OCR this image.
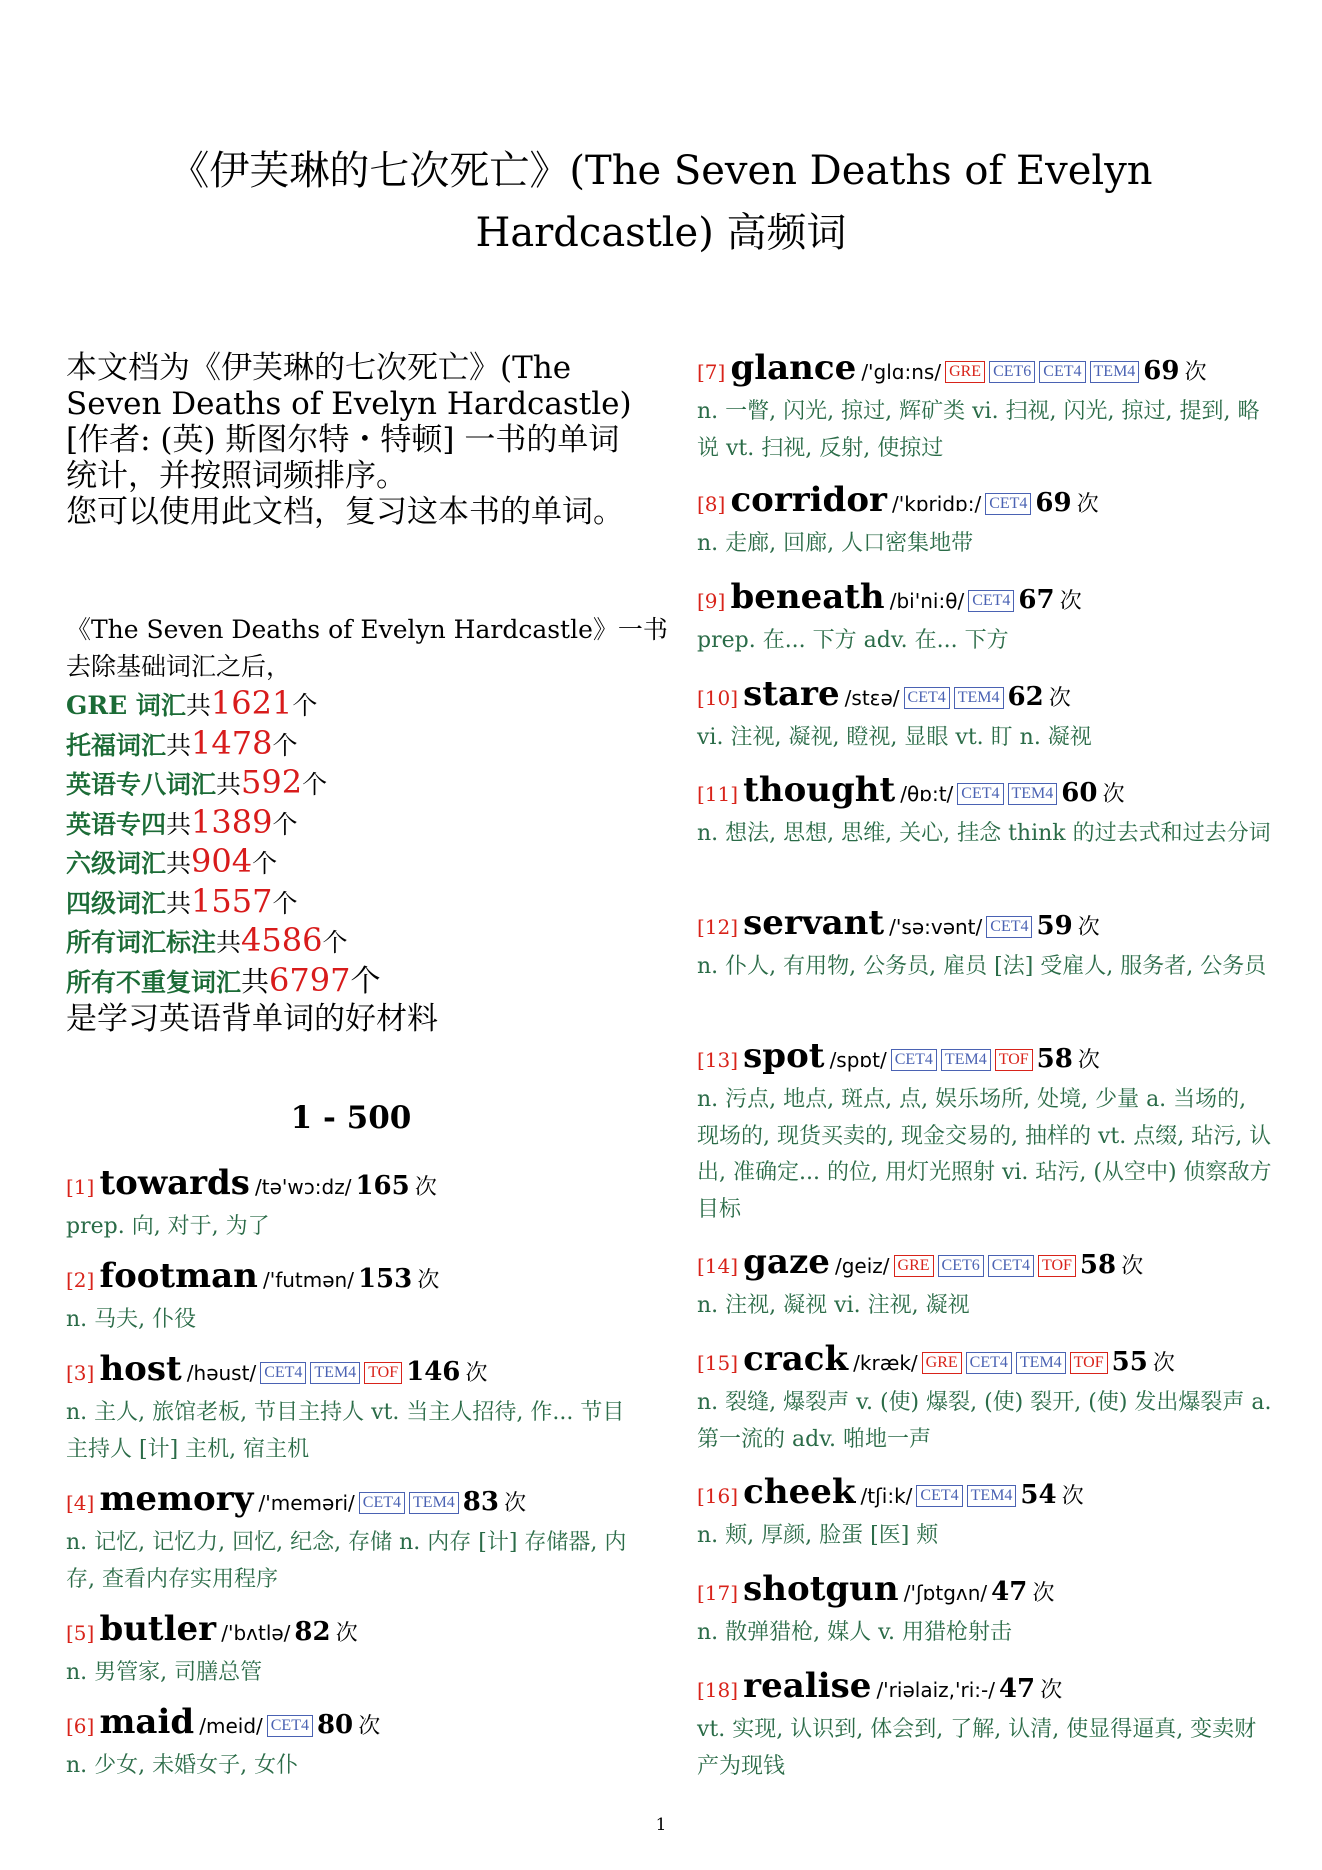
《伊芙琳的七次死亡》(The Seven Deaths of Evelyn Hardcastle) 高频词

本文档为《伊芙琳的七次死亡》(The Seven Deaths of Evelyn Hardcastle)[作者: (英) 斯图尔特・特顿] 一书的单词统计，并按照词频排序。

您可以使用此文档，复习这本书的单词。

《The Seven Deaths of Evelyn Hardcastle》一书
去除基础词汇之后，
GRE 词汇共1621个
托福词汇共1478个
英语专八词汇共592个
英语专四共1389个
六级词汇共904个
四级词汇共1557个
所有词汇标注共4586个
所有不重复词汇共6797个
是学习英语背单词的好材料
1 - 500
[1] towards /tə'wɔ:dz/ 165 次
prep. 向, 对于, 为了
[2] footman /'futmən/ 153 次
n. 马夫, 仆役
[3] host /həust/ CET4 TEM4 TOF 146 次
n. 主人, 旅馆老板, 节目主持人 vt. 当主人招待, 作... 节目主持人 [计] 主机, 宿主机
[4] memory /'meməri/ CET4 TEM4 83 次
n. 记忆, 记忆力, 回忆, 纪念, 存储 n. 内存 [计] 存储器, 内存, 查看内存实用程序
[5] butler /'bʌtlə/ 82 次
n. 男管家, 司膳总管
[6] maid /meid/ CET4 80 次
n. 少女, 未婚女子, 女仆
[7] glance /'glɑ:ns/ GRE CET6 CET4 TEM4 69 次
n. 一瞥, 闪光, 掠过, 辉矿类 vi. 扫视, 闪光, 掠过, 提到, 略说 vt. 扫视, 反射, 使掠过
[8] corridor /'kɒridɒ:/ CET4 69 次
n. 走廊, 回廊, 人口密集地带
[9] beneath /bi'ni:θ/ CET4 67 次
prep. 在... 下方 adv. 在... 下方
[10] stare /stεə/ CET4 TEM4 62 次
vi. 注视, 凝视, 瞪视, 显眼 vt. 盯 n. 凝视
[11] thought /θɒ:t/ CET4 TEM4 60 次
n. 想法, 思想, 思维, 关心, 挂念 think 的过去式和过去分词
[12] servant /'sə:vənt/ CET4 59 次
n. 仆人, 有用物, 公务员, 雇员 [法] 受雇人, 服务者, 公务员
[13] spot /spɒt/ CET4 TEM4 TOF 58 次
n. 污点, 地点, 斑点, 点, 娱乐场所, 处境, 少量 a. 当场的, 现场的, 现货买卖的, 现金交易的, 抽样的 vt. 点缀, 玷污, 认出, 准确定... 的位, 用灯光照射 vi. 玷污, (从空中) 侦察敌方目标
[14] gaze /geiz/ GRE CET6 CET4 TOF 58 次
n. 注视, 凝视 vi. 注视, 凝视
[15] crack /kræk/ GRE CET4 TEM4 TOF 55 次
n. 裂缝, 爆裂声 v. (使) 爆裂, (使) 裂开, (使) 发出爆裂声 a. 第一流的 adv. 啪地一声
[16] cheek /tʃi:k/ CET4 TEM4 54 次
n. 颊, 厚颜, 脸蛋 [医] 颊
[17] shotgun /'ʃɒtgʌn/ 47 次
n. 散弹猎枪, 媒人 v. 用猎枪射击
[18] realise /'riəlaiz,'ri:-/ 47 次
vt. 实现, 认识到, 体会到, 了解, 认清, 使显得逼真, 变卖财产为现钱
1
